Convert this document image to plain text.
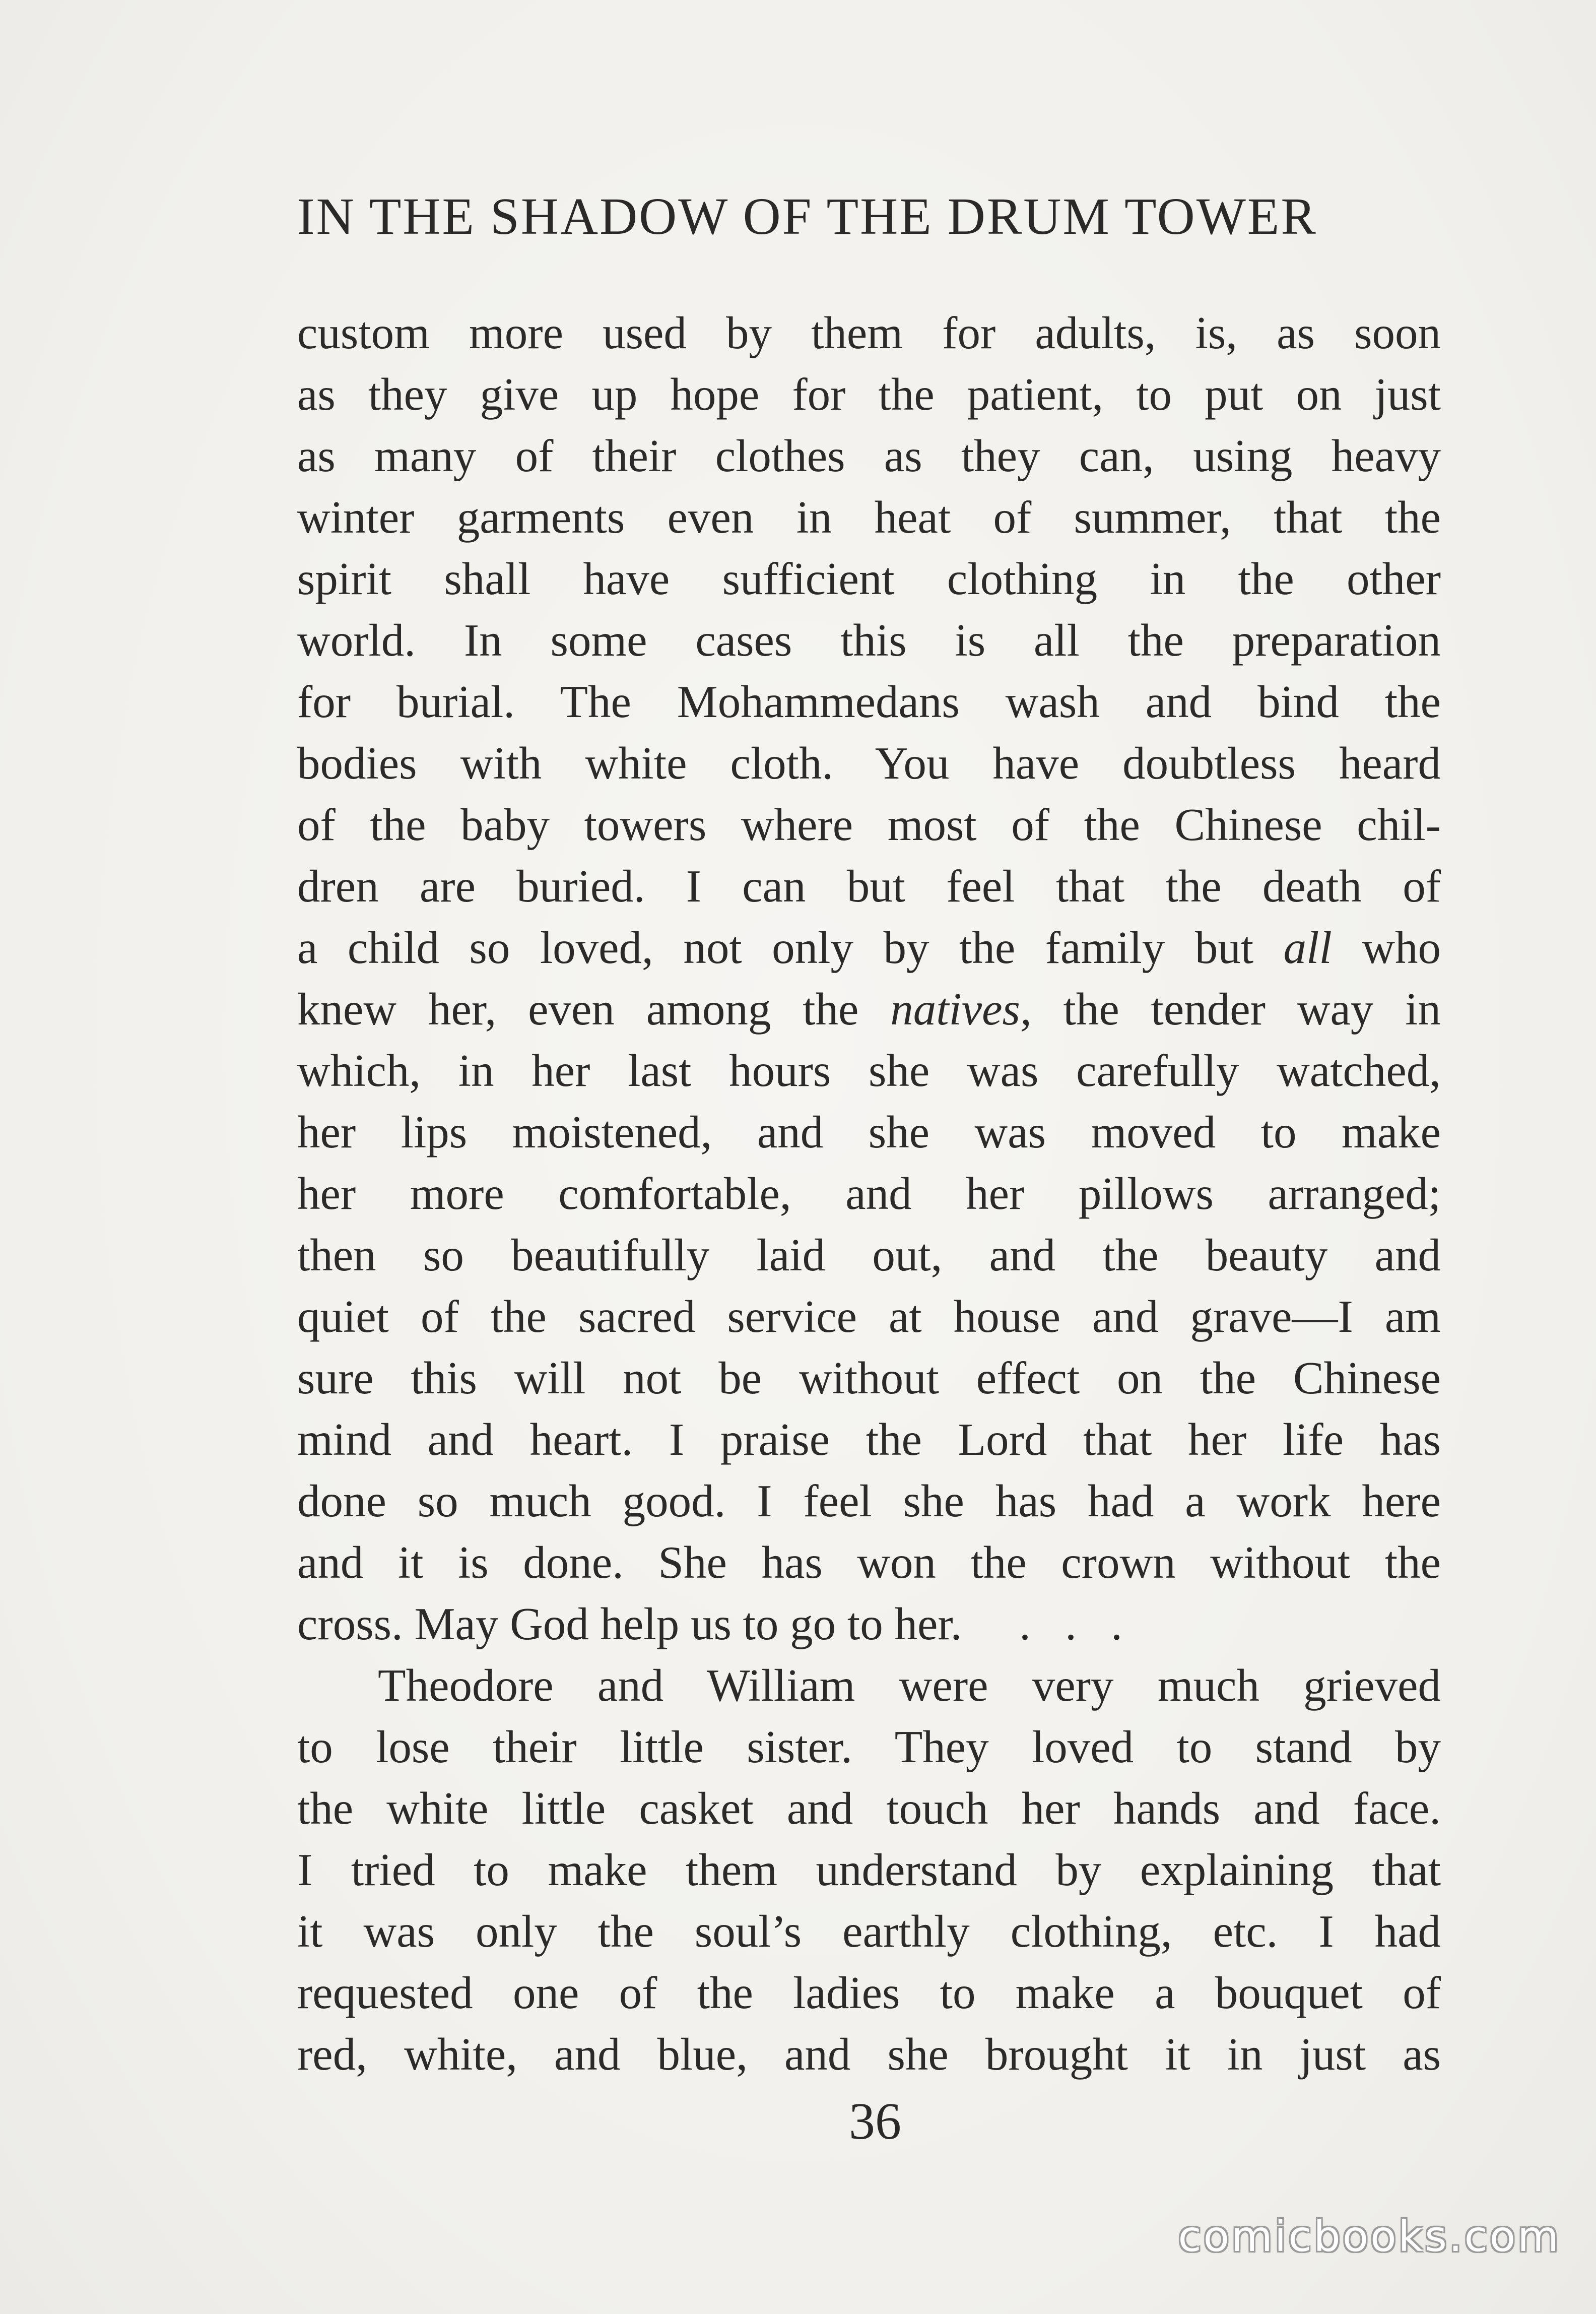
IN THE SHADOW OF THE DRUM TOWER
custom more used by them for adults, is, as soon
as they give up hope for the patient, to put on just
as many of their clothes as they can, using heavy
winter garments even in heat of summer, that the
spirit shall have sufficient clothing in the other
world. In some cases this is all the preparation
for burial. The Mohammedans wash and bind the
bodies with white cloth. You have doubtless heard
of the baby towers where most of the Chinese chil-
dren are buried. I can but feel that the death of
a child so loved, not only by the family but all who
knew her, even among the natives, the tender way in
which, in her last hours she was carefully watched,
her lips moistened, and she was moved to make
her more comfortable, and her pillows arranged;
then so beautifully laid out, and the beauty and
quiet of the sacred service at house and grave—I am
sure this will not be without effect on the Chinese
mind and heart. I praise the Lord that her life has
done so much good. I feel she has had a work here
and it is done. She has won the crown without the
cross. May God help us to go to her.     .   .   .
Theodore and William were very much grieved
to lose their little sister. They loved to stand by
the white little casket and touch her hands and face.
I tried to make them understand by explaining that
it was only the soul’s earthly clothing, etc. I had
requested one of the ladies to make a bouquet of
red, white, and blue, and she brought it in just as
36
comicbooks.com
